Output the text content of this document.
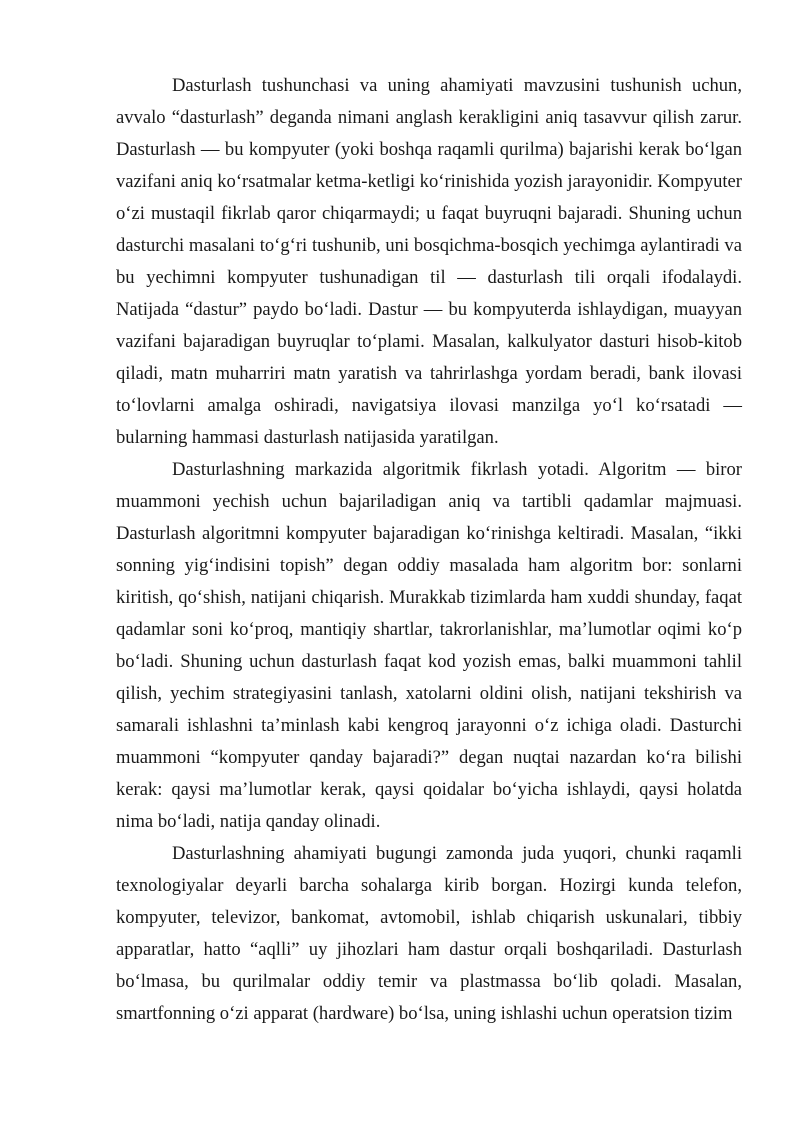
Dasturlash tushunchasi va uning ahamiyati mavzusini tushunish uchun, avvalo “dasturlash” deganda nimani anglash kerakligini aniq tasavvur qilish zarur. Dasturlash — bu kompyuter (yoki boshqa raqamli qurilma) bajarishi kerak bo‘lgan vazifani aniq ko‘rsatmalar ketma-ketligi ko‘rinishida yozish jarayonidir. Kompyuter o‘zi mustaqil fikrlab qaror chiqarmaydi; u faqat buyruqni bajaradi. Shuning uchun dasturchi masalani to‘g‘ri tushunib, uni bosqichma-bosqich yechimga aylantiradi va bu yechimni kompyuter tushunadigan til — dasturlash tili orqali ifodalaydi. Natijada “dastur” paydo bo‘ladi. Dastur — bu kompyuterda ishlaydigan, muayyan vazifani bajaradigan buyruqlar to‘plami. Masalan, kalkulyator dasturi hisob-kitob qiladi, matn muharriri matn yaratish va tahrirlashga yordam beradi, bank ilovasi to‘lovlarni amalga oshiradi, navigatsiya ilovasi manzilga yo‘l ko‘rsatadi — bularning hammasi dasturlash natijasida yaratilgan.

Dasturlashning markazida algoritmik fikrlash yotadi. Algoritm — biror muammoni yechish uchun bajariladigan aniq va tartibli qadamlar majmuasi. Dasturlash algoritmni kompyuter bajaradigan ko‘rinishga keltiradi. Masalan, “ikki sonning yig‘indisini topish” degan oddiy masalada ham algoritm bor: sonlarni kiritish, qo‘shish, natijani chiqarish. Murakkab tizimlarda ham xuddi shunday, faqat qadamlar soni ko‘proq, mantiqiy shartlar, takrorlanishlar, ma’lumotlar oqimi ko‘p bo‘ladi. Shuning uchun dasturlash faqat kod yozish emas, balki muammoni tahlil qilish, yechim strategiyasini tanlash, xatolarni oldini olish, natijani tekshirish va samarali ishlashni ta’minlash kabi kengroq jarayonni o‘z ichiga oladi. Dasturchi muammoni “kompyuter qanday bajaradi?” degan nuqtai nazardan ko‘ra bilishi kerak: qaysi ma’lumotlar kerak, qaysi qoidalar bo‘yicha ishlaydi, qaysi holatda nima bo‘ladi, natija qanday olinadi.

Dasturlashning ahamiyati bugungi zamonda juda yuqori, chunki raqamli texnologiyalar deyarli barcha sohalarga kirib borgan. Hozirgi kunda telefon, kompyuter, televizor, bankomat, avtomobil, ishlab chiqarish uskunalari, tibbiy apparatlar, hatto “aqlli” uy jihozlari ham dastur orqali boshqariladi. Dasturlash bo‘lmasa, bu qurilmalar oddiy temir va plastmassa bo‘lib qoladi. Masalan, smartfonning o‘zi apparat (hardware) bo‘lsa, uning ishlashi uchun operatsion tizim
